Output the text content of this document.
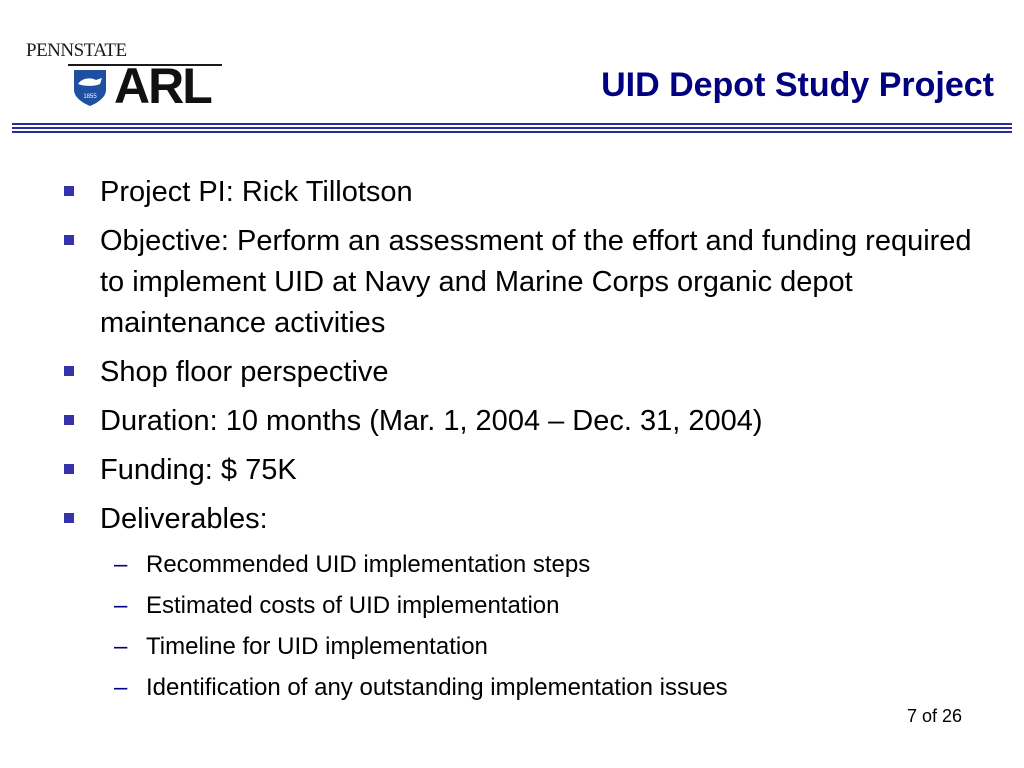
PENNSTATE
1855 ARL	UID Depot Study Project
Project PI: Rick Tillotson
Objective: Perform an assessment of the effort and funding required to implement UID at Navy and Marine Corps organic depot maintenance activities
Shop floor perspective
Duration: 10 months (Mar. 1, 2004 – Dec. 31, 2004)
Funding: $ 75K
Deliverables:
– Recommended UID implementation steps
– Estimated costs of UID implementation
– Timeline for UID implementation
– Identification of any outstanding implementation issues
7 of 26
